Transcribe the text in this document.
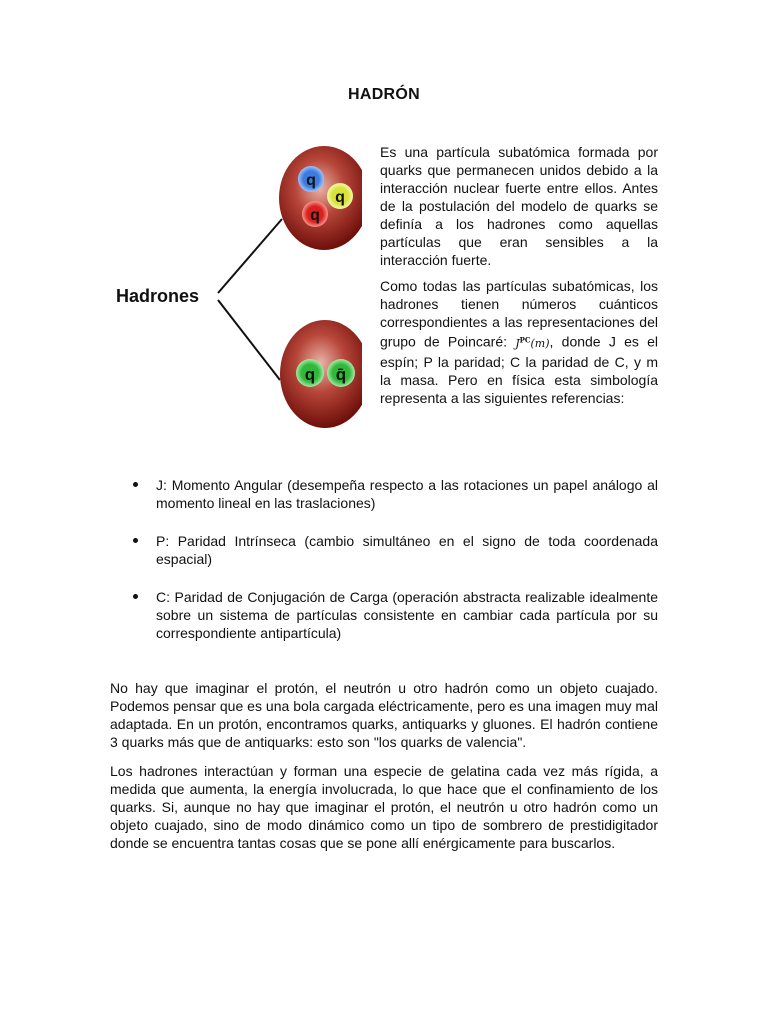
HADRÓN
Hadrones
q
q
q
q q̄

Es una partícula subatómica formada por quarks que permanecen unidos debido a la interacción nuclear fuerte entre ellos. Antes de la postulación del modelo de quarks se definía a los hadrones como aquellas partículas que eran sensibles a la interacción fuerte.

Como todas las partículas subatómicas, los hadrones tienen números cuánticos correspondientes a las representaciones del grupo de Poincaré: $J^{PC}(m)$, donde J es el espín; P la paridad; C la paridad de C, y m la masa. Pero en física esta simbología representa a las siguientes referencias:

J: Momento Angular (desempeña respecto a las rotaciones un papel análogo al momento lineal en las traslaciones)
P: Paridad Intrínseca (cambio simultáneo en el signo de toda coordenada espacial)
C: Paridad de Conjugación de Carga (operación abstracta realizable idealmente sobre un sistema de partículas consistente en cambiar cada partícula por su correspondiente antipartícula)

No hay que imaginar el protón, el neutrón u otro hadrón como un objeto cuajado. Podemos pensar que es una bola cargada eléctricamente, pero es una imagen muy mal adaptada. En un protón, encontramos quarks, antiquarks y gluones. El hadrón contiene 3 quarks más que de antiquarks: esto son "los quarks de valencia".

Los hadrones interactúan y forman una especie de gelatina cada vez más rígida, a medida que aumenta, la energía involucrada, lo que hace que el confinamiento de los quarks. Si, aunque no hay que imaginar el protón, el neutrón u otro hadrón como un objeto cuajado, sino de modo dinámico como un tipo de sombrero de prestidigitador donde se encuentra tantas cosas que se pone allí enérgicamente para buscarlos.
